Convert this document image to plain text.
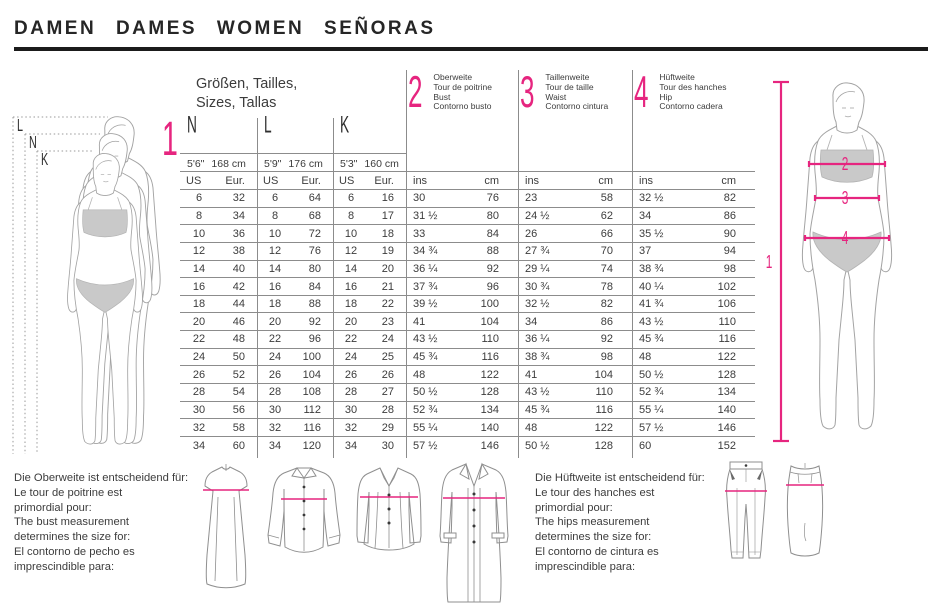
DAMEN DAMES WOMEN SEÑORAS
L
N
K
Größen, Tailles,
Sizes, Tallas
1
2 Oberweite
Tour de poitrine
Bust
Contorno busto 3 Taillenweite
Tour de taille
Waist
Contorno cintura 4 Hüftweite
Tour des hanches
Hip
Contorno cadera
N	L	K
5'6" 168 cm 5'9" 176 cm 5'3" 160 cm
US	Eur.	US	Eur.	US	Eur.	ins	cm	ins	cm	ins	cm
6	32	6	64	6	16	30	76	23	58	32 ½	82
8	34	8	68	8	17	31 ½	80	24 ½	62	34	86
10	36	10	72	10	18	33	84	26	66	35 ½	90
12	38	12	76	12	19	34 ¾	88	27 ¾	70	37	94
14	40	14	80	14	20	36 ¼	92	29 ¼	74	38 ¾	98
16	42	16	84	16	21	37 ¾	96	30 ¾	78	40 ¼	102
18	44	18	88	18	22	39 ½	100	32 ½	82	41 ¾	106
20	46	20	92	20	23	41	104	34	86	43 ½	110
22	48	22	96	22	24	43 ½	110	36 ¼	92	45 ¾	116
24	50	24	100	24	25	45 ¾	116	38 ¾	98	48	122
26	52	26	104	26	26	48	122	41	104	50 ½	128
28	54	28	108	28	27	50 ½	128	43 ½	110	52 ¾	134
30	56	30	112	30	28	52 ¾	134	45 ¾	116	55 ¼	140
32	58	32	116	32	29	55 ¼	140	48	122	57 ½	146
34	60	34	120	34	30	57 ½	146	50 ½	128	60	152
1
2
3
4
Die Oberweite ist entscheidend für:
Le tour de poitrine est
primordial pour:
The bust measurement
determines the size for:
El contorno de pecho es
imprescindible para:
Die Hüftweite ist entscheidend für:
Le tour des hanches est
primordial pour:
The hips measurement
determines the size for:
El contorno de cintura es
imprescindible para:
